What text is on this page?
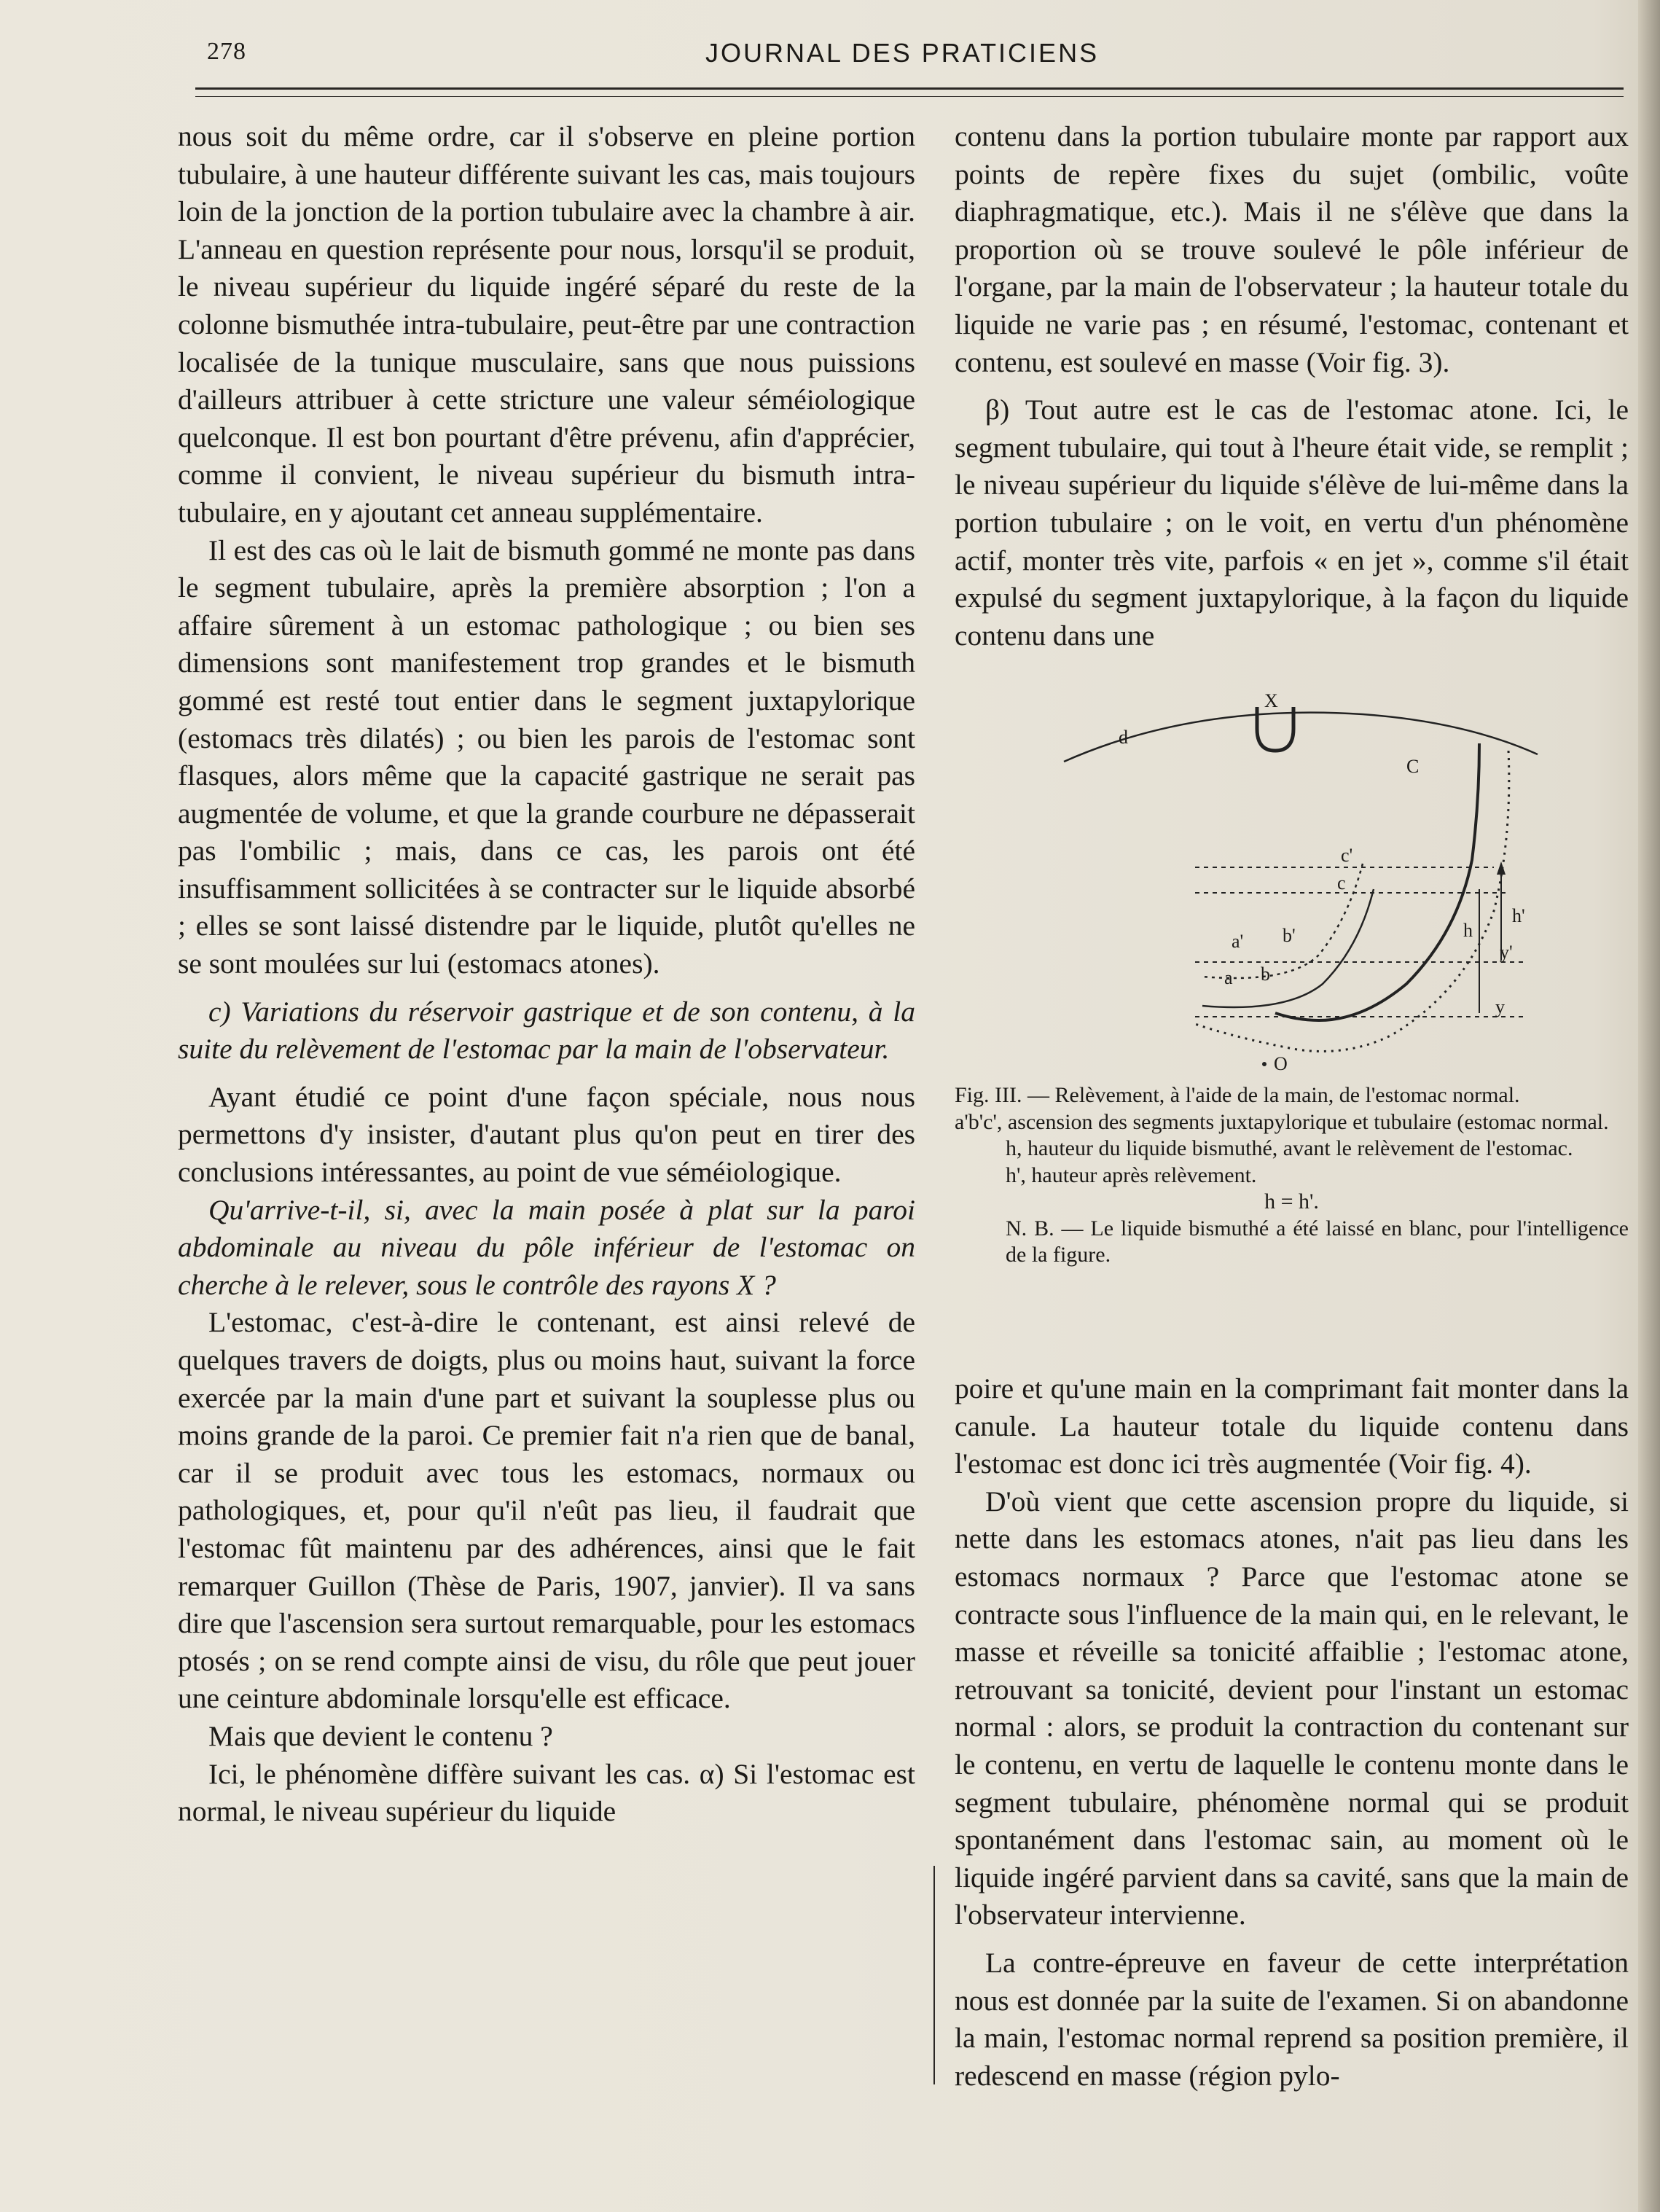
278	JOURNAL DES PRATICIENS

nous soit du même ordre, car il s'observe en pleine portion tubulaire, à une hauteur différente suivant les cas, mais toujours loin de la jonction de la portion tubulaire avec la chambre à air. L'anneau en question représente pour nous, lorsqu'il se produit, le niveau supérieur du liquide ingéré séparé du reste de la colonne bismuthée intra-tubulaire, peut-être par une contraction localisée de la tunique musculaire, sans que nous puissions d'ailleurs attribuer à cette stricture une valeur séméiologique quelconque. Il est bon pourtant d'être prévenu, afin d'apprécier, comme il convient, le niveau supérieur du bismuth intra-tubulaire, en y ajoutant cet anneau supplémentaire.

Il est des cas où le lait de bismuth gommé ne monte pas dans le segment tubulaire, après la première absorption ; l'on a affaire sûrement à un estomac pathologique ; ou bien ses dimensions sont manifestement trop grandes et le bismuth gommé est resté tout entier dans le segment juxtapylorique (estomacs très dilatés) ; ou bien les parois de l'estomac sont flasques, alors même que la capacité gastrique ne serait pas augmentée de volume, et que la grande courbure ne dépasserait pas l'ombilic ; mais, dans ce cas, les parois ont été insuffisamment sollicitées à se contracter sur le liquide absorbé ; elles se sont laissé distendre par le liquide, plutôt qu'elles ne se sont moulées sur lui (estomacs atones).

c) Variations du réservoir gastrique et de son contenu, à la suite du relèvement de l'estomac par la main de l'observateur.

Ayant étudié ce point d'une façon spéciale, nous nous permettons d'y insister, d'autant plus qu'on peut en tirer des conclusions intéressantes, au point de vue séméiologique.

Qu'arrive-t-il, si, avec la main posée à plat sur la paroi abdominale au niveau du pôle inférieur de l'estomac on cherche à le relever, sous le contrôle des rayons X ?

L'estomac, c'est-à-dire le contenant, est ainsi relevé de quelques travers de doigts, plus ou moins haut, suivant la force exercée par la main d'une part et suivant la souplesse plus ou moins grande de la paroi. Ce premier fait n'a rien que de banal, car il se produit avec tous les estomacs, normaux ou pathologiques, et, pour qu'il n'eût pas lieu, il faudrait que l'estomac fût maintenu par des adhérences, ainsi que le fait remarquer Guillon (Thèse de Paris, 1907, janvier). Il va sans dire que l'ascension sera surtout remarquable, pour les estomacs ptosés ; on se rend compte ainsi de visu, du rôle que peut jouer une ceinture abdominale lorsqu'elle est efficace.

Mais que devient le contenu ?

Ici, le phénomène diffère suivant les cas. α) Si l'estomac est normal, le niveau supérieur du liquide

contenu dans la portion tubulaire monte par rapport aux points de repère fixes du sujet (ombilic, voûte diaphragmatique, etc.). Mais il ne s'élève que dans la proportion où se trouve soulevé le pôle inférieur de l'organe, par la main de l'observateur ; la hauteur totale du liquide ne varie pas ; en résumé, l'estomac, contenant et contenu, est soulevé en masse (Voir fig. 3).

β) Tout autre est le cas de l'estomac atone. Ici, le segment tubulaire, qui tout à l'heure était vide, se remplit ; le niveau supérieur du liquide s'élève de lui-même dans la portion tubulaire ; on le voit, en vertu d'un phénomène actif, monter très vite, parfois « en jet », comme s'il était expulsé du segment juxtapylorique, à la façon du liquide contenu dans une

X
d
C
c'
c
a' b'
a b
h
h'
y'
y
O

Fig. III. — Relèvement, à l'aide de la main, de l'estomac normal.

a'b'c', ascension des segments juxtapylorique et tubulaire (estomac normal.

h, hauteur du liquide bismuthé, avant le relèvement de l'estomac.

h', hauteur après relèvement.

h = h'.

N. B. — Le liquide bismuthé a été laissé en blanc, pour l'intelligence de la figure.

poire et qu'une main en la comprimant fait monter dans la canule. La hauteur totale du liquide contenu dans l'estomac est donc ici très augmentée (Voir fig. 4).

D'où vient que cette ascension propre du liquide, si nette dans les estomacs atones, n'ait pas lieu dans les estomacs normaux ? Parce que l'estomac atone se contracte sous l'influence de la main qui, en le relevant, le masse et réveille sa tonicité affaiblie ; l'estomac atone, retrouvant sa tonicité, devient pour l'instant un estomac normal : alors, se produit la contraction du contenant sur le contenu, en vertu de laquelle le contenu monte dans le segment tubulaire, phénomène normal qui se produit spontanément dans l'estomac sain, au moment où le liquide ingéré parvient dans sa cavité, sans que la main de l'observateur intervienne.

La contre-épreuve en faveur de cette interprétation nous est donnée par la suite de l'examen. Si on abandonne la main, l'estomac normal reprend sa position première, il redescend en masse (région pylo-
